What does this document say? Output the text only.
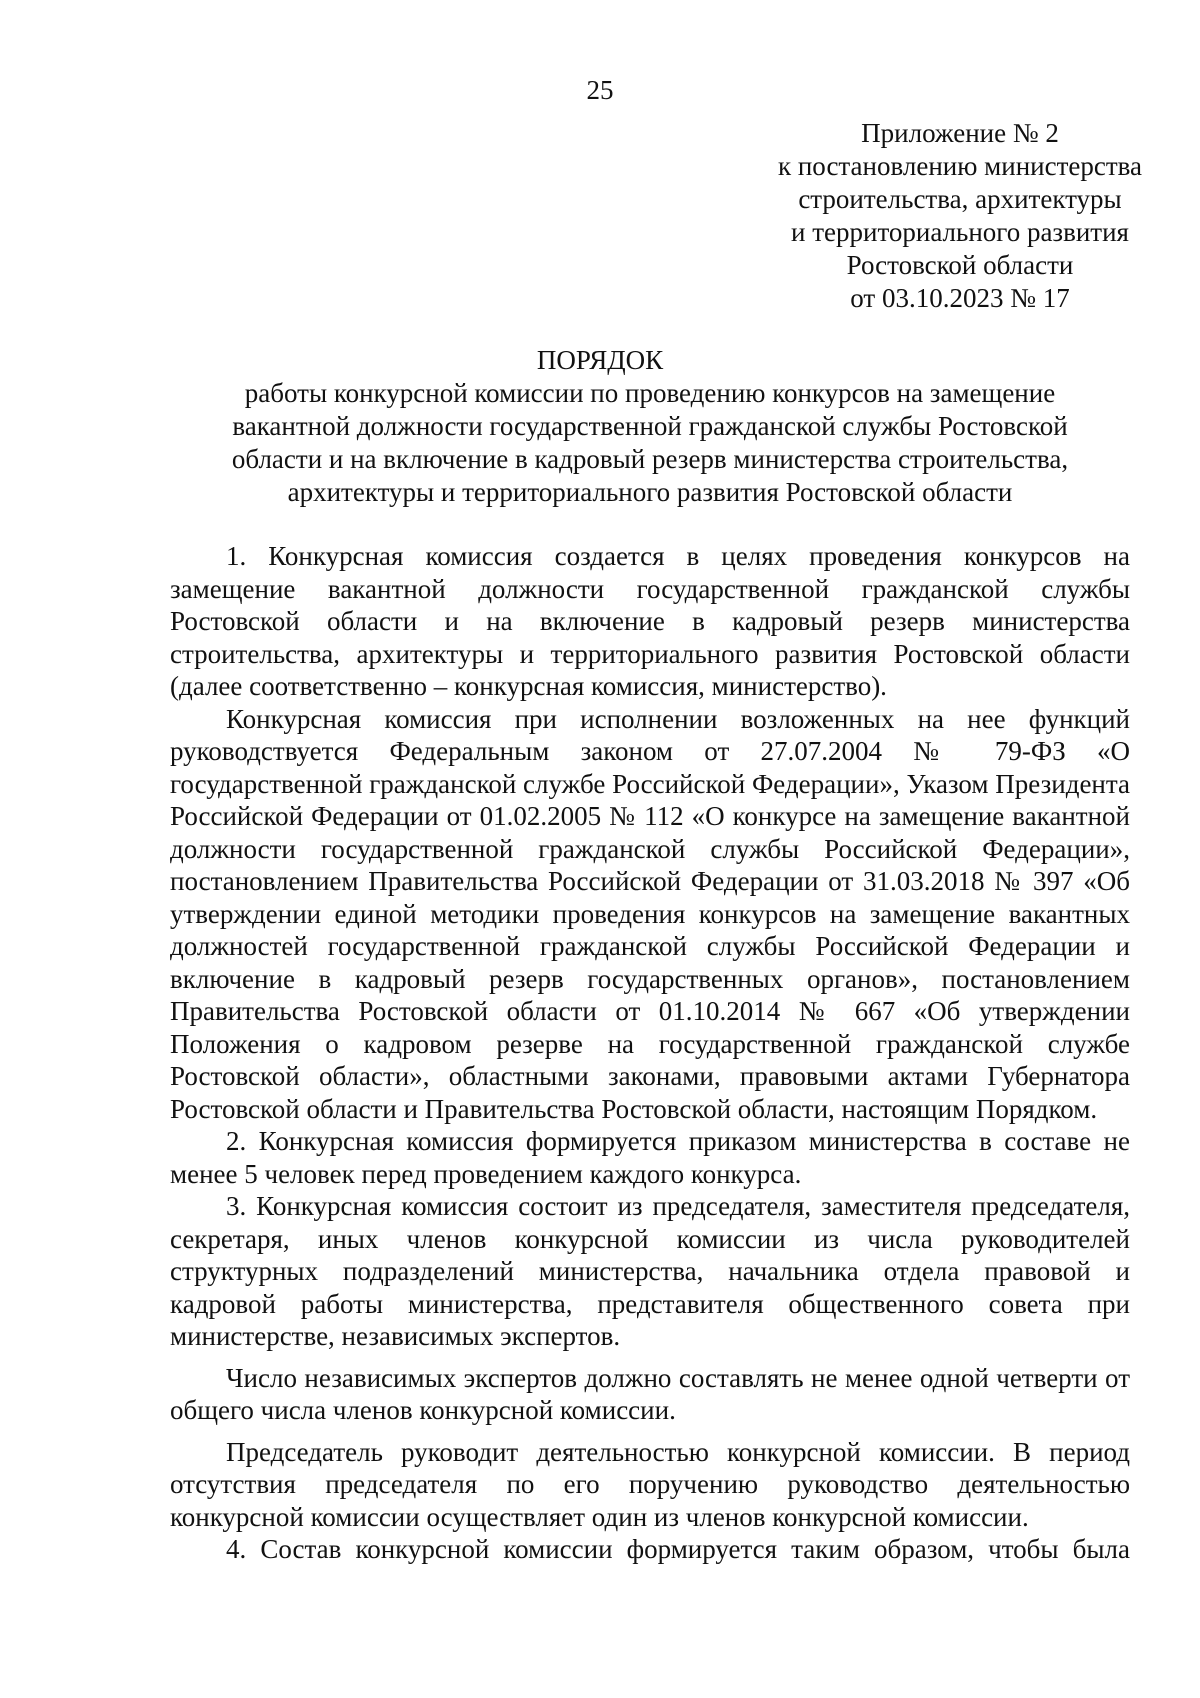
25
Приложение № 2
к постановлению министерства
строительства, архитектуры
и территориального развития
Ростовской области
от 03.10.2023 № 17
ПОРЯДОК
работы конкурсной комиссии по проведению конкурсов на замещение
вакантной должности государственной гражданской службы Ростовской
области и на включение в кадровый резерв министерства строительства,
архитектуры и территориального развития Ростовской области

1. Конкурсная комиссия создается в целях проведения конкурсов на замещение вакантной должности государственной гражданской службы Ростовской области и на включение в кадровый резерв министерства строительства, архитектуры и территориального развития Ростовской области (далее соответственно – конкурсная комиссия, министерство).

Конкурсная комиссия при исполнении возложенных на нее функций руководствуется Федеральным законом от 27.07.2004 № 79-ФЗ «О государственной гражданской службе Российской Федерации», Указом Президента Российской Федерации от 01.02.2005 № 112 «О конкурсе на замещение вакантной должности государственной гражданской службы Российской Федерации», постановлением Правительства Российской Федерации от 31.03.2018 № 397 «Об утверждении единой методики проведения конкурсов на замещение вакантных должностей государственной гражданской службы Российской Федерации и включение в кадровый резерв государственных органов», постановлением Правительства Ростовской области от 01.10.2014 № 667 «Об утверждении Положения о кадровом резерве на государственной гражданской службе Ростовской области», областными законами, правовыми актами Губернатора Ростовской области и Правительства Ростовской области, настоящим Порядком.

2. Конкурсная комиссия формируется приказом министерства в составе не менее 5 человек перед проведением каждого конкурса.

3. Конкурсная комиссия состоит из председателя, заместителя председателя, секретаря, иных членов конкурсной комиссии из числа руководителей структурных подразделений министерства, начальника отдела правовой и кадровой работы министерства, представителя общественного совета при министерстве, независимых экспертов.

Число независимых экспертов должно составлять не менее одной четверти от общего числа членов конкурсной комиссии.

Председатель руководит деятельностью конкурсной комиссии. В период отсутствия председателя по его поручению руководство деятельностью конкурсной комиссии осуществляет один из членов конкурсной комиссии.

4. Состав конкурсной комиссии формируется таким образом, чтобы была
